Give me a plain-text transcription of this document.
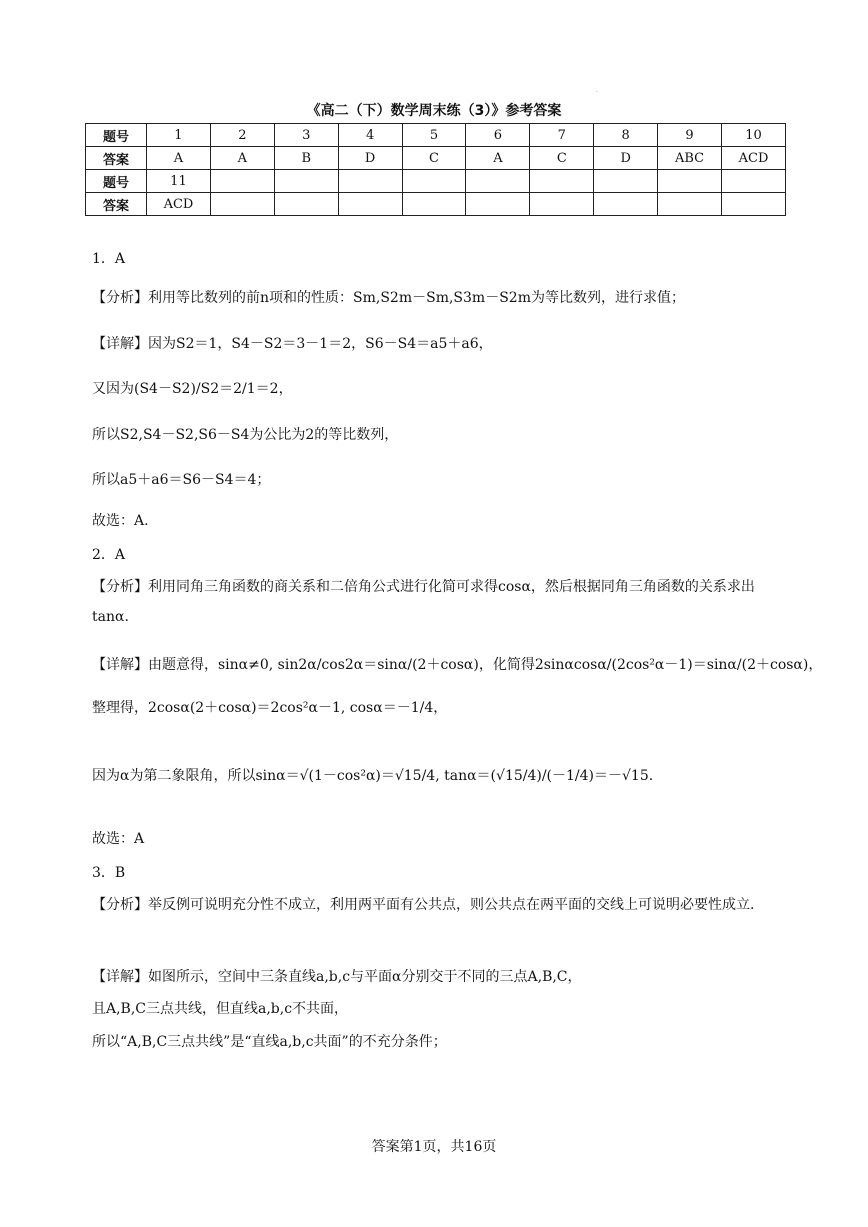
·
《高二（下）数学周末练（3）》参考答案
题号	1	2	3	4	5	6	7	8	9	10
答案	A	A	B	D	C	A	C	D	ABC	ACD
题号	11									
答案	ACD									
1．A
【分析】利用等比数列的前n项和的性质：Sm,S2m－Sm,S3m－S2m为等比数列，进行求值；
【详解】因为S2＝1，S4－S2＝3－1＝2，S6－S4＝a5＋a6，
又因为(S4－S2)/S2＝2/1＝2，
所以S2,S4－S2,S6－S4为公比为2的等比数列，
所以a5＋a6＝S6－S4＝4；
故选：A.
2．A
【分析】利用同角三角函数的商关系和二倍角公式进行化简可求得cosα，然后根据同角三角函数的关系求出tanα.
【详解】由题意得，sinα≠0, sin2α/cos2α＝sinα/(2＋cosα)，化简得2sinαcosα/(2cos²α－1)＝sinα/(2＋cosα)，
整理得，2cosα(2＋cosα)＝2cos²α－1, cosα＝－1/4，
因为α为第二象限角，所以sinα＝√(1－cos²α)＝√15/4, tanα＝(√15/4)/(－1/4)＝－√15.
故选：A
3．B
【分析】举反例可说明充分性不成立，利用两平面有公共点，则公共点在两平面的交线上可说明必要性成立.
【详解】如图所示，空间中三条直线a,b,c与平面α分别交于不同的三点A,B,C，
且A,B,C三点共线，但直线a,b,c不共面，
所以“A,B,C三点共线”是“直线a,b,c共面”的不充分条件；
答案第1页，共16页
